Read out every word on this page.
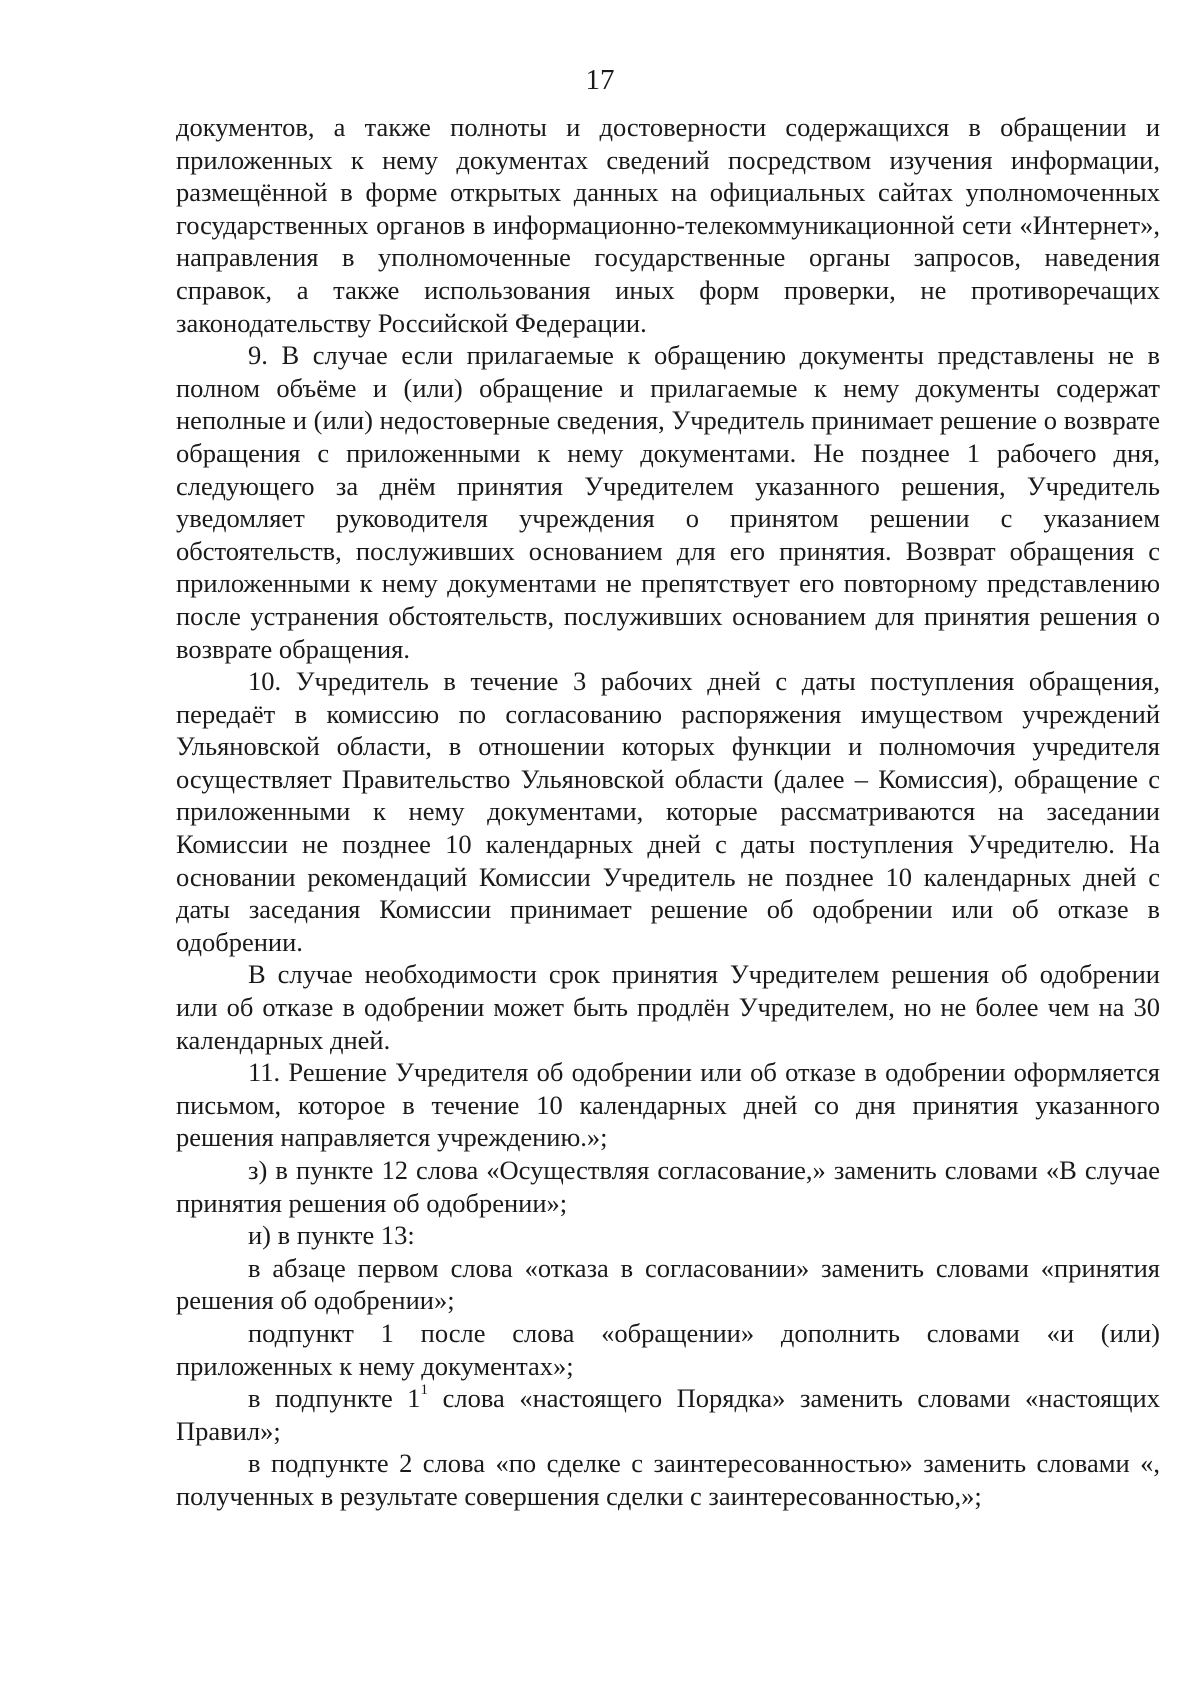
17

документов, а также полноты и достоверности содержащихся в обращении и приложенных к нему документах сведений посредством изучения информации, размещённой в форме открытых данных на официальных сайтах уполномоченных государственных органов в информационно-телекоммуникационной сети «Интернет», направления в уполномоченные государственные органы запросов, наведения справок, а также использования иных форм проверки, не противоречащих законодательству Российской Федерации.

9. В случае если прилагаемые к обращению документы представлены не в полном объёме и (или) обращение и прилагаемые к нему документы содержат неполные и (или) недостоверные сведения, Учредитель принимает решение о возврате обращения с приложенными к нему документами. Не позднее 1 рабочего дня, следующего за днём принятия Учредителем указанного решения, Учредитель уведомляет руководителя учреждения о принятом решении с указанием обстоятельств, послуживших основанием для его принятия. Возврат обращения с приложенными к нему документами не препятствует его повторному представлению после устранения обстоятельств, послуживших основанием для принятия решения о возврате обращения.

10. Учредитель в течение 3 рабочих дней с даты поступления обращения, передаёт в комиссию по согласованию распоряжения имуществом учреждений Ульяновской области, в отношении которых функции и полномочия учредителя осуществляет Правительство Ульяновской области (далее – Комиссия), обращение с приложенными к нему документами, которые рассматриваются на заседании Комиссии не позднее 10 календарных дней с даты поступления Учредителю. На основании рекомендаций Комиссии Учредитель не позднее 10 календарных дней с даты заседания Комиссии принимает решение об одобрении или об отказе в одобрении.

В случае необходимости срок принятия Учредителем решения об одобрении или об отказе в одобрении может быть продлён Учредителем, но не более чем на 30 календарных дней.

11. Решение Учредителя об одобрении или об отказе в одобрении оформляется письмом, которое в течение 10 календарных дней со дня принятия указанного решения направляется учреждению.»;

з) в пункте 12 слова «Осуществляя согласование,» заменить словами «В случае принятия решения об одобрении»;

и) в пункте 13:

в абзаце первом слова «отказа в согласовании» заменить словами «принятия решения об одобрении»;

подпункт 1 после слова «обращении» дополнить словами «и (или) приложенных к нему документах»;

в подпункте $1^1$ слова «настоящего Порядка» заменить словами «настоящих Правил»;

в подпункте 2 слова «по сделке с заинтересованностью» заменить словами «, полученных в результате совершения сделки с заинтересованностью,»;
